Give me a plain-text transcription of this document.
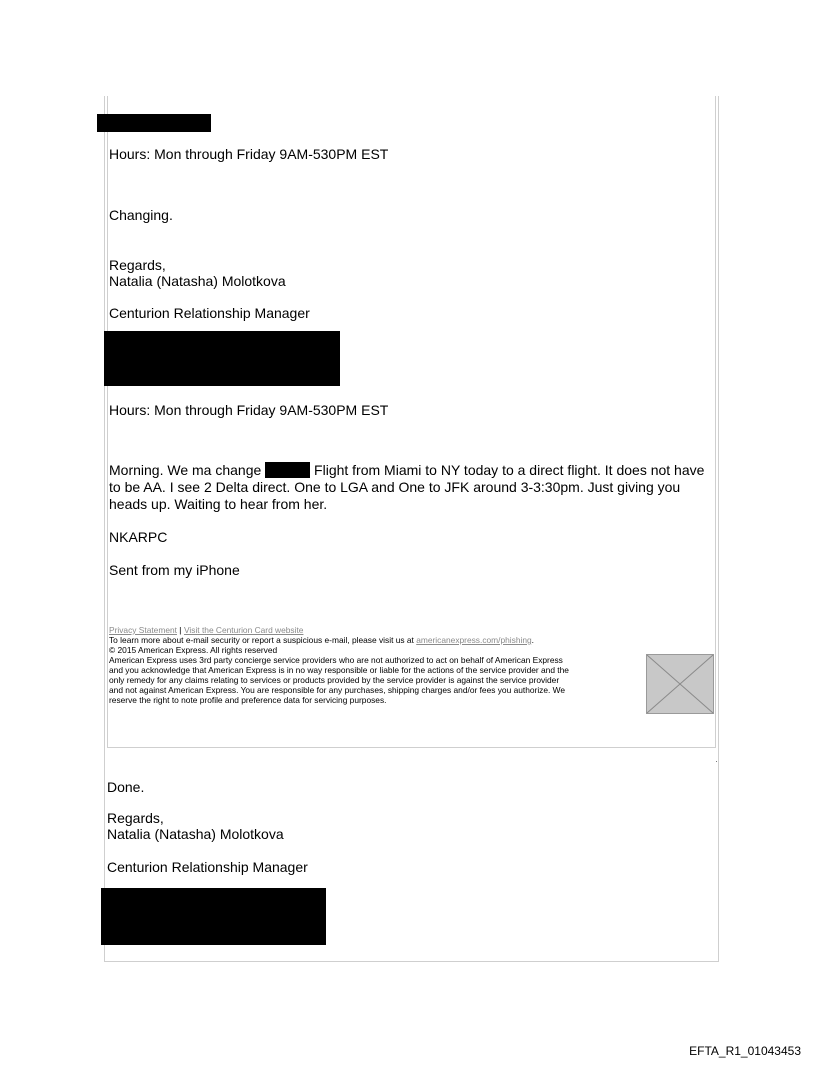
Hours: Mon through Friday 9AM-530PM EST
Changing.
Regards,
Natalia (Natasha) Molotkova
Centurion Relationship Manager
Hours: Mon through Friday 9AM-530PM EST
Morning. We ma change	Flight from Miami to NY today to a direct flight. It does not have to be AA. I see 2 Delta direct. One to LGA and One to JFK around 3-3:30pm. Just giving you heads up. Waiting to hear from her.
NKARPC
Sent from my iPhone
Privacy Statement | Visit the Centurion Card website
To learn more about e-mail security or report a suspicious e-mail, please visit us at americanexpress.com/phishing.
© 2015 American Express. All rights reserved
American Express uses 3rd party concierge service providers who are not authorized to act on behalf of American Express
and you acknowledge that American Express is in no way responsible or liable for the actions of the service provider and the
only remedy for any claims relating to services or products provided by the service provider is against the service provider
and not against American Express. You are responsible for any purchases, shipping charges and/or fees you authorize. We
reserve the right to note profile and preference data for servicing purposes.
Done.
Regards,
Natalia (Natasha) Molotkova
Centurion Relationship Manager
EFTA_R1_01043453
